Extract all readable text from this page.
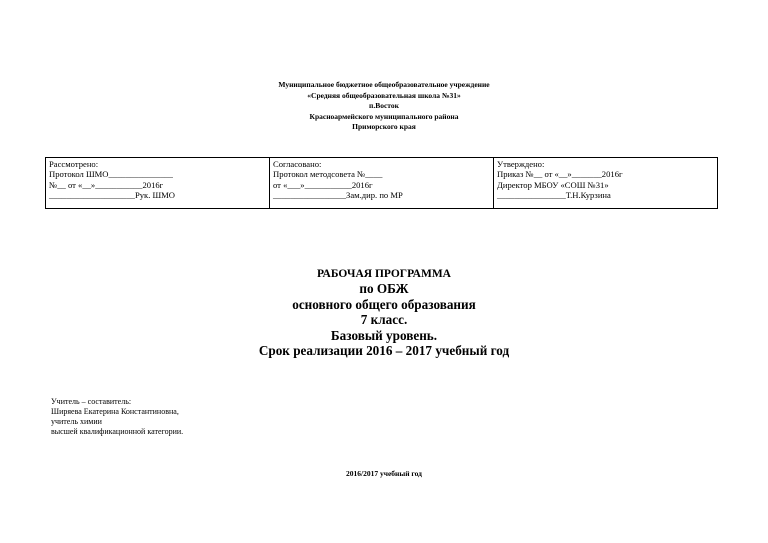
Муниципальное бюджетное общеобразовательное учреждение
«Средняя общеобразовательная школа №31»
п.Восток
Красноармейского муниципального района
Приморского края
Рассмотрено:
Протокол ШМО_______________
№__ от «__»___________2016г
____________________Рук. ШМО

Согласовано:
Протокол методсовета №____
от «___»___________2016г
_________________Зам.дир. по МР

Утверждено:
Приказ №__ от «__»_______2016г
Директор МБОУ «СОШ №31»
________________Т.Н.Курзина
РАБОЧАЯ ПРОГРАММА
по ОБЖ
основного общего образования
7 класс.
Базовый уровень.
Срок реализации 2016 – 2017 учебный год
Учитель – составитель:
Ширяева Екатерина Константиновна,
учитель химии
высшей квалификационной категории.
2016/2017 учебный год
